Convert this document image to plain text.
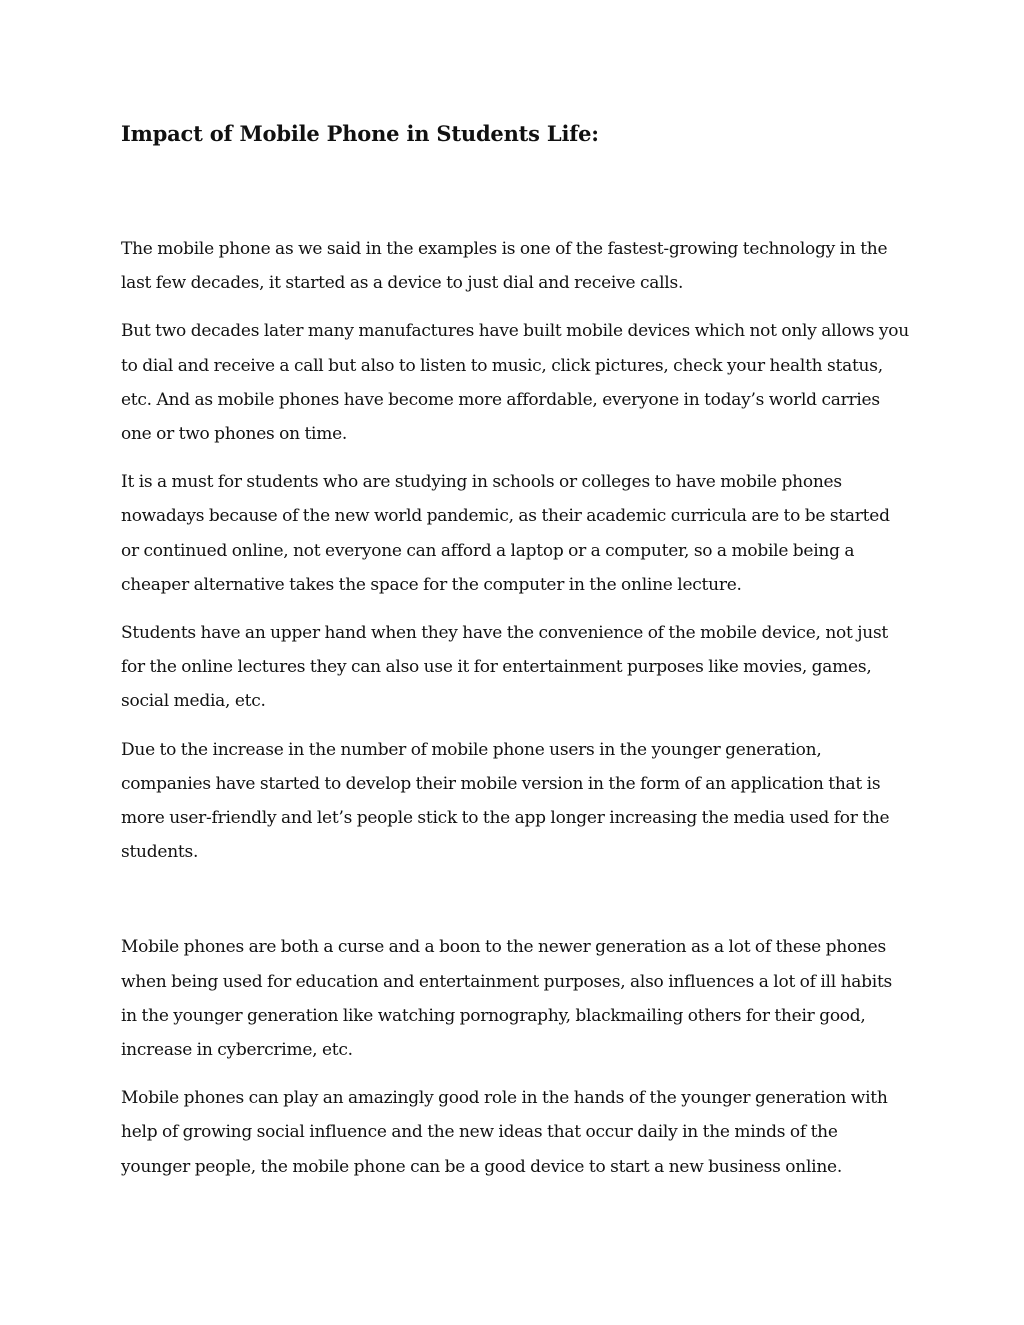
Impact of Mobile Phone in Students Life:

The mobile phone as we said in the examples is one of the fastest-growing technology in the last few decades, it started as a device to just dial and receive calls.

But two decades later many manufactures have built mobile devices which not only allows you to dial and receive a call but also to listen to music, click pictures, check your health status, etc. And as mobile phones have become more affordable, everyone in today’s world carries one or two phones on time.

It is a must for students who are studying in schools or colleges to have mobile phones nowadays because of the new world pandemic, as their academic curricula are to be started or continued online, not everyone can afford a laptop or a computer, so a mobile being a cheaper alternative takes the space for the computer in the online lecture.

Students have an upper hand when they have the convenience of the mobile device, not just for the online lectures they can also use it for entertainment purposes like movies, games, social media, etc.

Due to the increase in the number of mobile phone users in the younger generation, companies have started to develop their mobile version in the form of an application that is more user-friendly and let’s people stick to the app longer increasing the media used for the students.

Mobile phones are both a curse and a boon to the newer generation as a lot of these phones when being used for education and entertainment purposes, also influences a lot of ill habits in the younger generation like watching pornography, blackmailing others for their good, increase in cybercrime, etc.

Mobile phones can play an amazingly good role in the hands of the younger generation with help of growing social influence and the new ideas that occur daily in the minds of the younger people, the mobile phone can be a good device to start a new business online.
